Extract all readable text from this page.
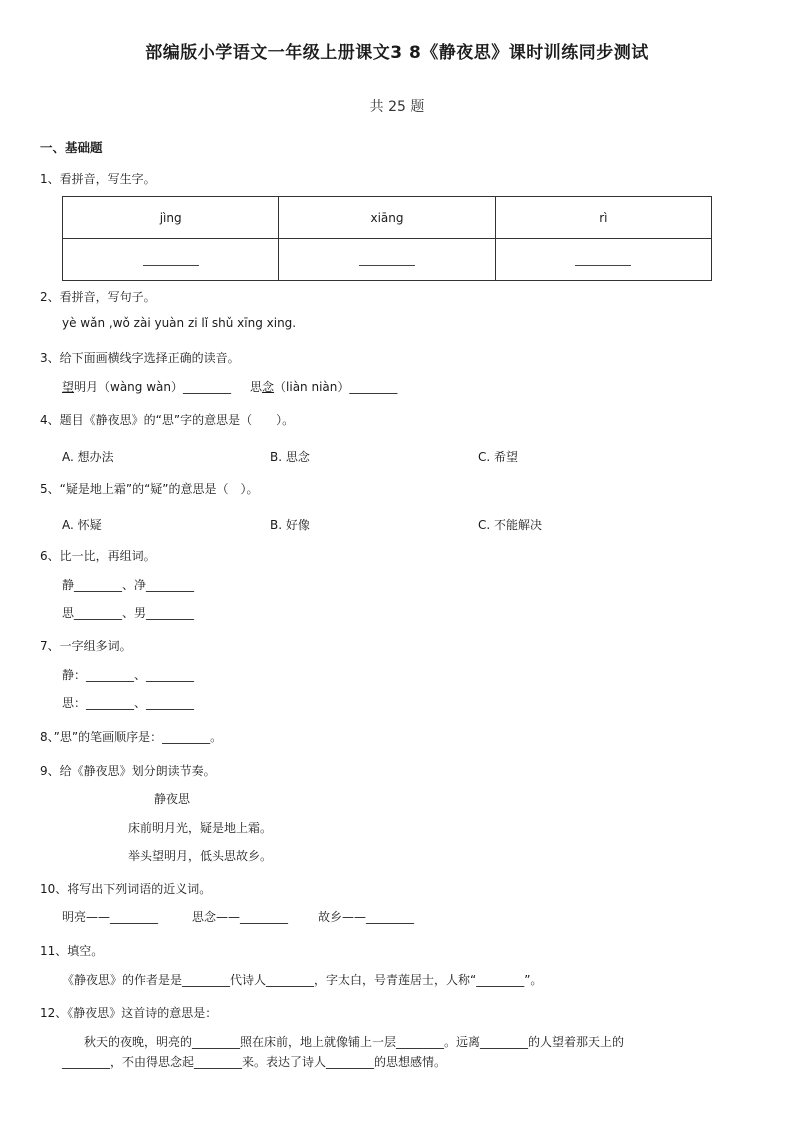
部编版小学语文一年级上册课文3 8《静夜思》课时训练同步测试
共 25 题
一、基础题
1、看拼音，写生字。
jìng	xiāng	rì

2、看拼音，写句子。
yè wǎn ,wǒ zài yuàn zi lǐ shǔ xīng xing.
3、给下面画横线字选择正确的读音。
望明月（wàng wàn）________ 思念（liàn niàn）________
4、题目《静夜思》的“思”字的意思是（　　）。
A. 想办法	B. 思念	C. 希望
5、“疑是地上霜”的“疑”的意思是（　）。
A. 怀疑	B. 好像	C. 不能解决
6、比一比，再组词。
静________、净________
思________、男________
7、一字组多词。
静：________、________
思：________、________
8、”思”的笔画顺序是：________。
9、给《静夜思》划分朗读节奏。
静夜思
床前明月光，疑是地上霜。
举头望明月，低头思故乡。
10、将写出下列词语的近义词。
明亮——________	思念——________ 故乡——________
11、填空。
《静夜思》的作者是是________代诗人________，字太白，号青莲居士，人称“________”。
12、《静夜思》这首诗的意思是：
秋天的夜晚，明亮的________照在床前，地上就像铺上一层________。远离________的人望着那天上的
________，不由得思念起________来。表达了诗人________的思想感情。
